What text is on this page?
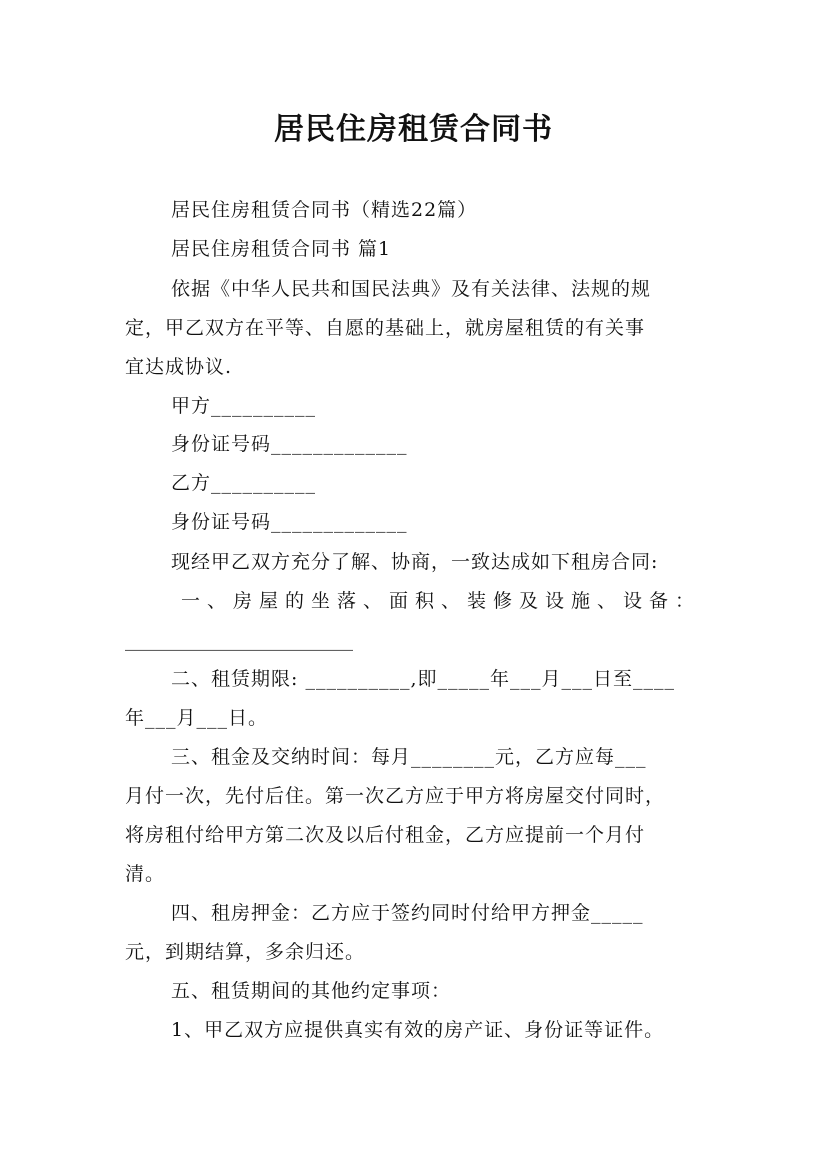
居民住房租赁合同书
居民住房租赁合同书（精选22篇）
居民住房租赁合同书 篇1
依据《中华人民共和国民法典》及有关法律、法规的规
定，甲乙双方在平等、自愿的基础上，就房屋租赁的有关事
宜达成协议.
甲方__________
身份证号码_____________
乙方__________
身份证号码_____________
现经甲乙双方充分了解、协商，一致达成如下租房合同:
一、房屋的坐落、面积、装修及设施、设备：
________________________
二、租赁期限: __________,即_____年___月___日至____
年___月___日。
三、租金及交纳时间：每月________元，乙方应每___
月付一次，先付后住。第一次乙方应于甲方将房屋交付同时，
将房租付给甲方第二次及以后付租金，乙方应提前一个月付
清。
四、租房押金：乙方应于签约同时付给甲方押金_____
元，到期结算，多余归还。
五、租赁期间的其他约定事项：
1、甲乙双方应提供真实有效的房产证、身份证等证件。
